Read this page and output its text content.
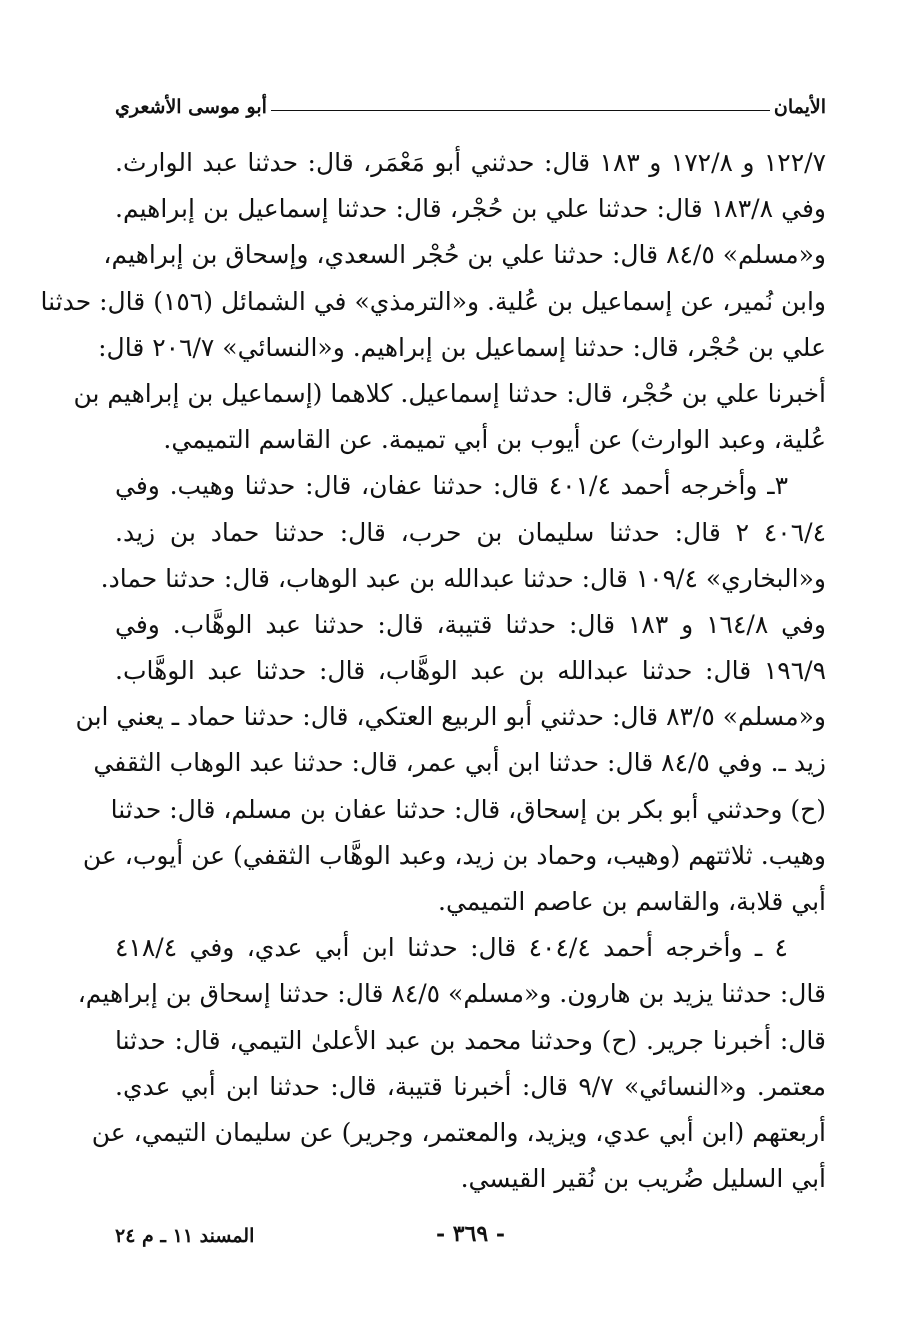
الأيمان
أبو موسى الأشعري
١٢٢/٧ و ١٧٢/٨ و ١٨٣ قال: حدثني أبو مَعْمَر، قال: حدثنا عبد الوارث.
وفي ١٨٣/٨ قال: حدثنا علي بن حُجْر، قال: حدثنا إسماعيل بن إبراهيم.
و«مسلم» ٨٤/٥ قال: حدثنا علي بن حُجْر السعدي، وإسحاق بن إبراهيم،
وابن نُمير، عن إسماعيل بن عُلية. و«الترمذي» في الشمائل (١٥٦) قال: حدثنا
علي بن حُجْر، قال: حدثنا إسماعيل بن إبراهيم. و«النسائي» ٢٠٦/٧ قال:
أخبرنا علي بن حُجْر، قال: حدثنا إسماعيل. كلاهما (إسماعيل بن إبراهيم بن
عُلية، وعبد الوارث) عن أيوب بن أبي تميمة. عن القاسم التميمي.
٣ـ وأخرجه أحمد ٤٠١/٤ قال: حدثنا عفان، قال: حدثنا وهيب. وفي
٤٠٦/٤ ٢ قال: حدثنا سليمان بن حرب، قال: حدثنا حماد بن زيد.
و«البخاري» ١٠٩/٤ قال: حدثنا عبدالله بن عبد الوهاب، قال: حدثنا حماد.
وفي ١٦٤/٨ و ١٨٣ قال: حدثنا قتيبة، قال: حدثنا عبد الوهَّاب. وفي
١٩٦/٩ قال: حدثنا عبدالله بن عبد الوهَّاب، قال: حدثنا عبد الوهَّاب.
و«مسلم» ٨٣/٥ قال: حدثني أبو الربيع العتكي، قال: حدثنا حماد ـ يعني ابن
زيد ـ. وفي ٨٤/٥ قال: حدثنا ابن أبي عمر، قال: حدثنا عبد الوهاب الثقفي
(ح) وحدثني أبو بكر بن إسحاق، قال: حدثنا عفان بن مسلم، قال: حدثنا
وهيب. ثلاثتهم (وهيب، وحماد بن زيد، وعبد الوهَّاب الثقفي) عن أيوب، عن
أبي قلابة، والقاسم بن عاصم التميمي.
٤ ـ وأخرجه أحمد ٤٠٤/٤ قال: حدثنا ابن أبي عدي، وفي ٤١٨/٤
قال: حدثنا يزيد بن هارون. و«مسلم» ٨٤/٥ قال: حدثنا إسحاق بن إبراهيم،
قال: أخبرنا جرير. (ح) وحدثنا محمد بن عبد الأعلىٰ التيمي، قال: حدثنا
معتمر. و«النسائي» ٩/٧ قال: أخبرنا قتيبة، قال: حدثنا ابن أبي عدي.
أربعتهم (ابن أبي عدي، ويزيد، والمعتمر، وجرير) عن سليمان التيمي، عن
أبي السليل ضُريب بن نُقير القيسي.
المسند ١١ ـ م ٢٤	- ٣٦٩ -
